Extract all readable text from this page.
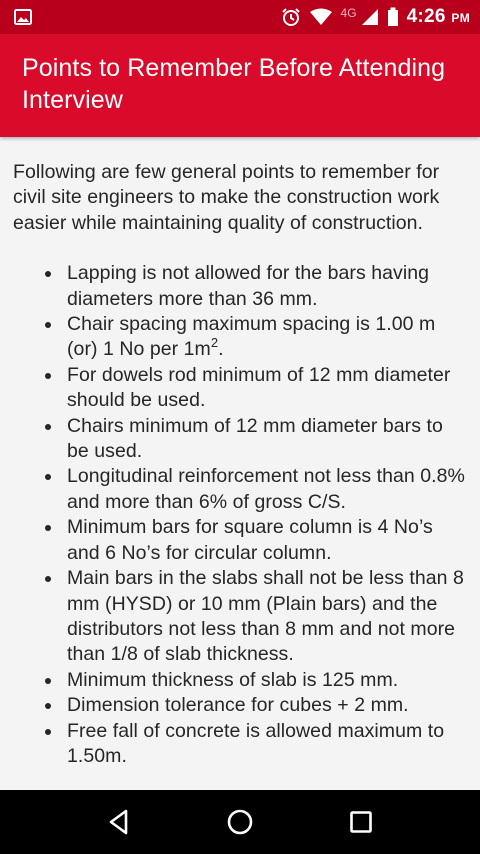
4G	4:26 PM
Points to Remember Before Attending Interview

Following are few general points to remember for civil site engineers to make the construction work easier while maintaining quality of construction.

Lapping is not allowed for the bars having diameters more than 36 mm.
Chair spacing maximum spacing is 1.00 m (or) 1 No per $1m^2$.
For dowels rod minimum of 12 mm diameter should be used.
Chairs minimum of 12 mm diameter bars to be used.
Longitudinal reinforcement not less than 0.8% and more than 6% of gross C/S.
Minimum bars for square column is 4 No’s and 6 No’s for circular column.
Main bars in the slabs shall not be less than 8 mm (HYSD) or 10 mm (Plain bars) and the distributors not less than 8 mm and not more than 1/8 of slab thickness.
Minimum thickness of slab is 125 mm.
Dimension tolerance for cubes + 2 mm.
Free fall of concrete is allowed maximum to 1.50m.
